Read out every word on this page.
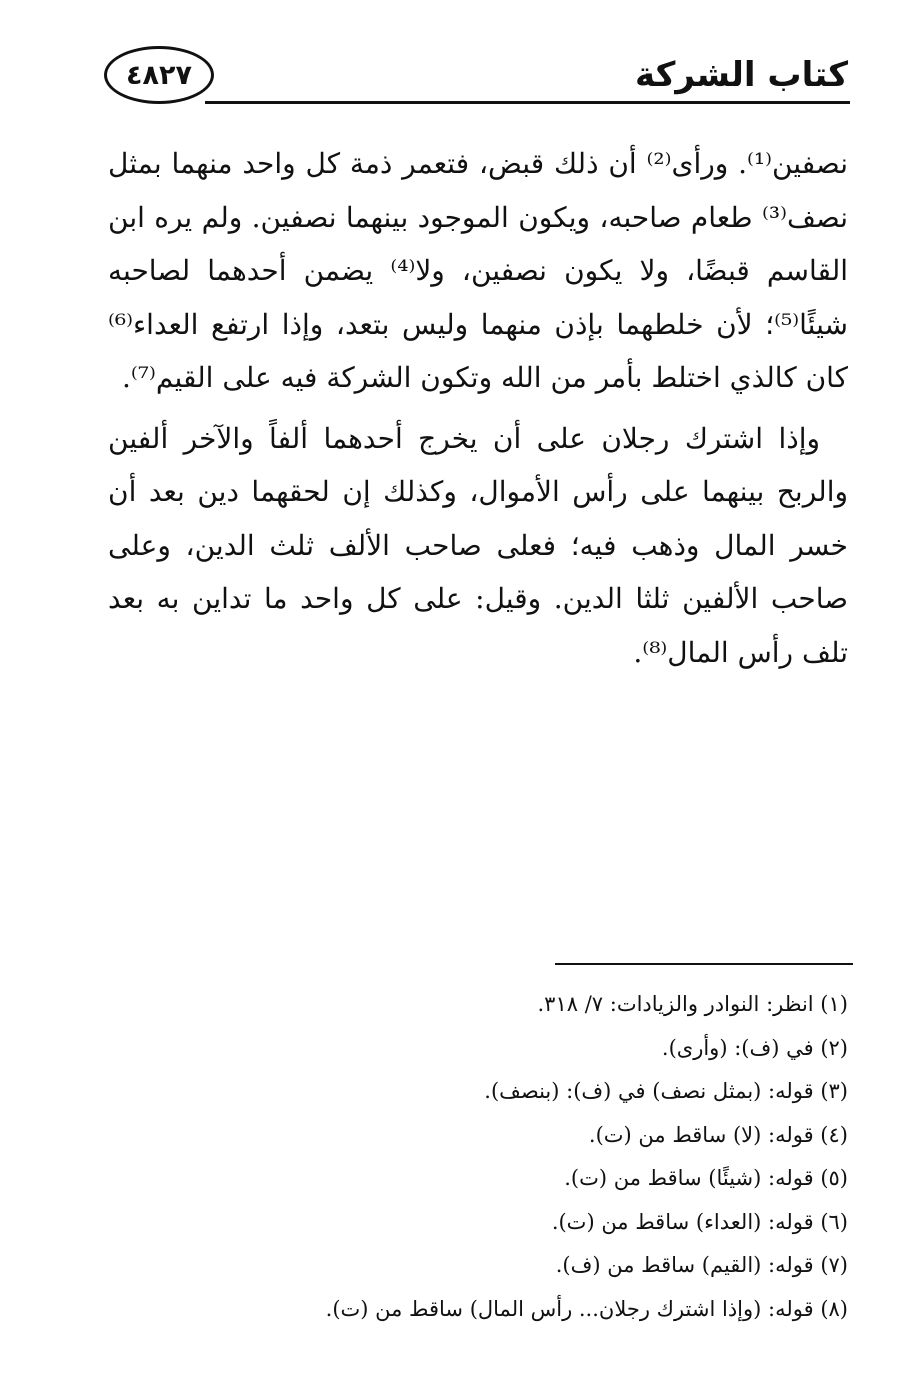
كتاب الشركة
٤٨٢٧

نصفين⁽¹⁾. ورأى⁽²⁾ أن ذلك قبض، فتعمر ذمة كل واحد منهما بمثل نصف⁽³⁾ طعام صاحبه، ويكون الموجود بينهما نصفين. ولم يره ابن القاسم قبضًا، ولا يكون نصفين، ولا⁽⁴⁾ يضمن أحدهما لصاحبه شيئًا⁽⁵⁾؛ لأن خلطهما بإذن منهما وليس بتعد، وإذا ارتفع العداء⁽⁶⁾ كان كالذي اختلط بأمر من الله وتكون الشركة فيه على القيم⁽⁷⁾.

وإذا اشترك رجلان على أن يخرج أحدهما ألفاً والآخر ألفين والربح بينهما على رأس الأموال، وكذلك إن لحقهما دين بعد أن خسر المال وذهب فيه؛ فعلى صاحب الألف ثلث الدين، وعلى صاحب الألفين ثلثا الدين. وقيل: على كل واحد ما تداين به بعد تلف رأس المال⁽⁸⁾.

(١) انظر: النوادر والزيادات: ٧/ ٣١٨.
(٢) في (ف): (وأرى).
(٣) قوله: (بمثل نصف) في (ف): (بنصف).
(٤) قوله: (لا) ساقط من (ت).
(٥) قوله: (شيئًا) ساقط من (ت).
(٦) قوله: (العداء) ساقط من (ت).
(٧) قوله: (القيم) ساقط من (ف).
(٨) قوله: (وإذا اشترك رجلان... رأس المال) ساقط من (ت).
